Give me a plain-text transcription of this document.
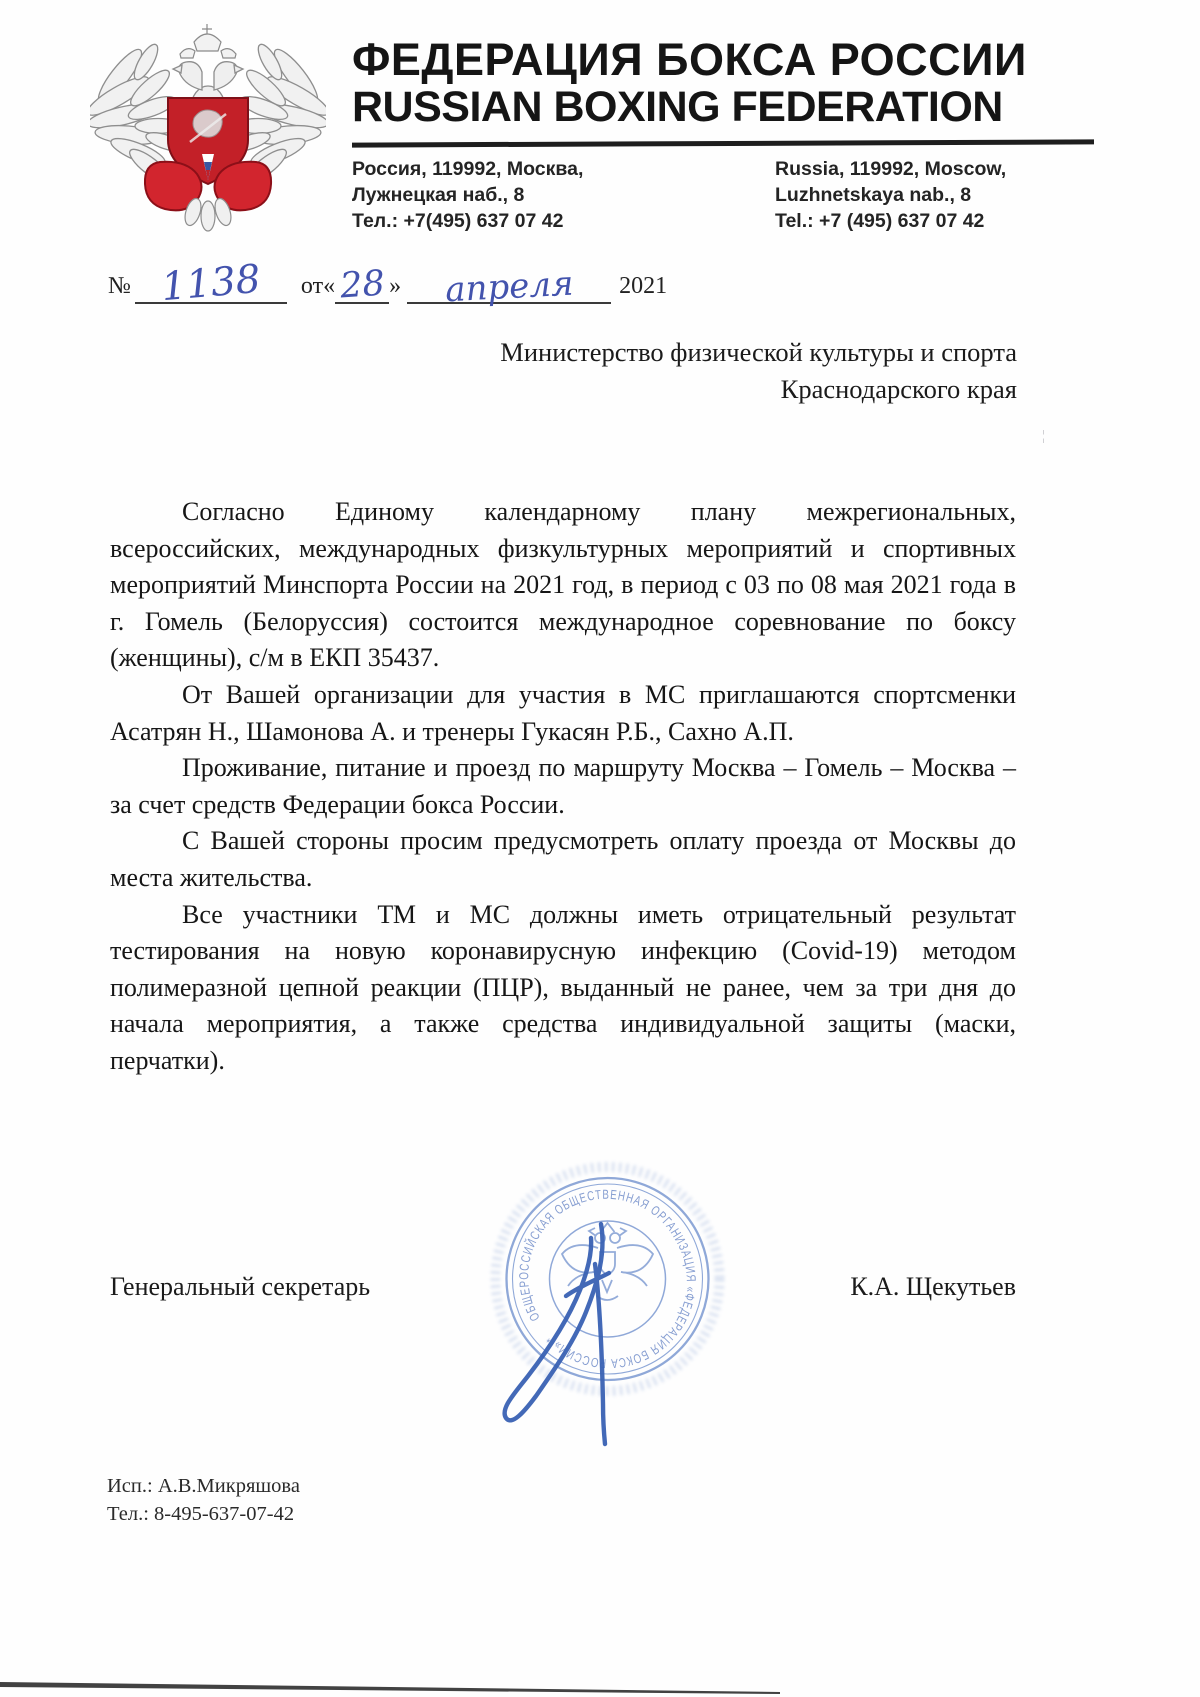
ФЕДЕРАЦИЯ БОКСА РОССИИ
RUSSIAN BOXING FEDERATION
Россия, 119992, Москва,
Лужнецкая наб., 8
Тел.: +7(495) 637 07 42
Russia, 119992, Moscow,
Luzhnetskaya nab., 8
Tel.: +7 (495) 637 07 42
№ 1138	от « 28 »	апреля	2021
Министерство физической культуры и спорта
Краснодарского края

Согласно Единому календарному плану межрегиональных, всероссийских, международных физкультурных мероприятий и спортивных мероприятий Минспорта России на 2021 год, в период с 03 по 08 мая 2021 года в г. Гомель (Белоруссия) состоится международное соревнование по боксу (женщины), с/м в ЕКП 35437.

От Вашей организации для участия в МС приглашаются спортсменки Асатрян Н., Шамонова А. и тренеры Гукасян Р.Б., Сахно А.П.

Проживание, питание и проезд по маршруту Москва – Гомель – Москва – за счет средств Федерации бокса России.

С Вашей стороны просим предусмотреть оплату проезда от Москвы до места жительства.

Все участники ТМ и МС должны иметь отрицательный результат тестирования на новую коронавирусную инфекцию (Covid-19) методом полимеразной цепной реакции (ПЦР), выданный не ранее, чем за три дня до начала мероприятия, а также средства индивидуальной защиты (маски, перчатки).

Генеральный секретарь	К.А. Щекутьев
ОБЩЕРОССИЙСКАЯ ОБЩЕСТВЕННАЯ ОРГАНИЗАЦИЯ «ФЕДЕРАЦИЯ БОКСА РОССИИ» *
Исп.: А.В.Микряшова
Тел.: 8-495-637-07-42
¦
